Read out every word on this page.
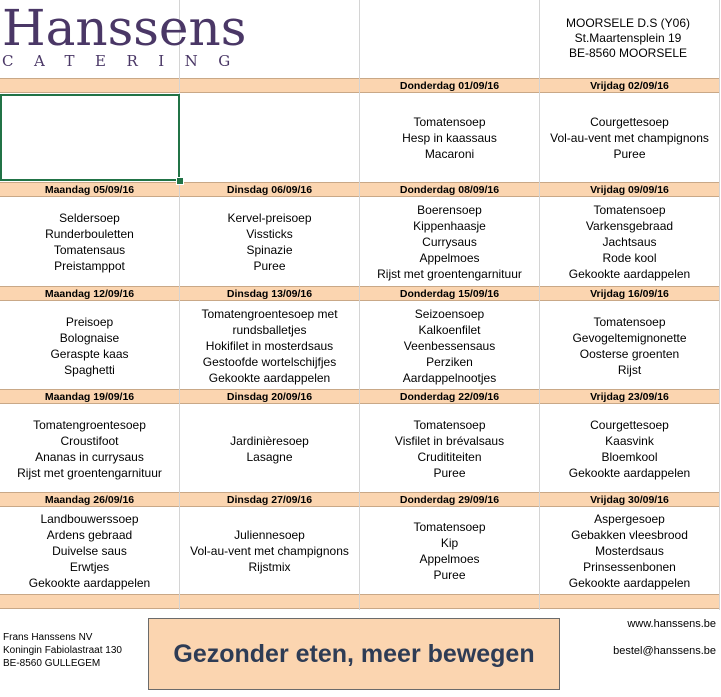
Hanssens
CATERING
MOORSELE D.S (Y06)
St.Maartensplein 19
BE-8560 MOORSELE
Donderdag 01/09/16
Tomatensoep
Hesp in kaassaus
Macaroni
Vrijdag 02/09/16
Courgettesoep
Vol-au-vent met champignons
Puree
Maandag 05/09/16
Seldersoep
Runderbouletten
Tomatensaus
Preistamppot
Dinsdag 06/09/16
Kervel-preisoep
Vissticks
Spinazie
Puree
Donderdag 08/09/16
Boerensoep
Kippenhaasje
Currysaus
Appelmoes
Rijst met groentengarnituur
Vrijdag 09/09/16
Tomatensoep
Varkensgebraad
Jachtsaus
Rode kool
Gekookte aardappelen
Maandag 12/09/16
Preisoep
Bolognaise
Geraspte kaas
Spaghetti
Dinsdag 13/09/16
Tomatengroentesoep met
rundsballetjes
Hokifilet in mosterdsaus
Gestoofde wortelschijfjes
Gekookte aardappelen
Donderdag 15/09/16
Seizoensoep
Kalkoenfilet
Veenbessensaus
Perziken
Aardappelnootjes
Vrijdag 16/09/16
Tomatensoep
Gevogeltemignonette
Oosterse groenten
Rijst
Maandag 19/09/16
Tomatengroentesoep
Croustifoot
Ananas in currysaus
Rijst met groentengarnituur
Dinsdag 20/09/16
Jardinièresoep
Lasagne
Donderdag 22/09/16
Tomatensoep
Visfilet in brévalsaus
Crudititeiten
Puree
Vrijdag 23/09/16
Courgettesoep
Kaasvink
Bloemkool
Gekookte aardappelen
Maandag 26/09/16
Landbouwerssoep
Ardens gebraad
Duivelse saus
Erwtjes
Gekookte aardappelen
Dinsdag 27/09/16
Juliennesoep
Vol-au-vent met champignons
Rijstmix
Donderdag 29/09/16
Tomatensoep
Kip
Appelmoes
Puree
Vrijdag 30/09/16
Aspergesoep
Gebakken vleesbrood
Mosterdsaus
Prinsessenbonen
Gekookte aardappelen
Frans Hanssens NV
Koningin Fabiolastraat 130
BE-8560 GULLEGEM	Gezonder eten, meer bewegen
www.hanssens.be
bestel@hanssens.be
